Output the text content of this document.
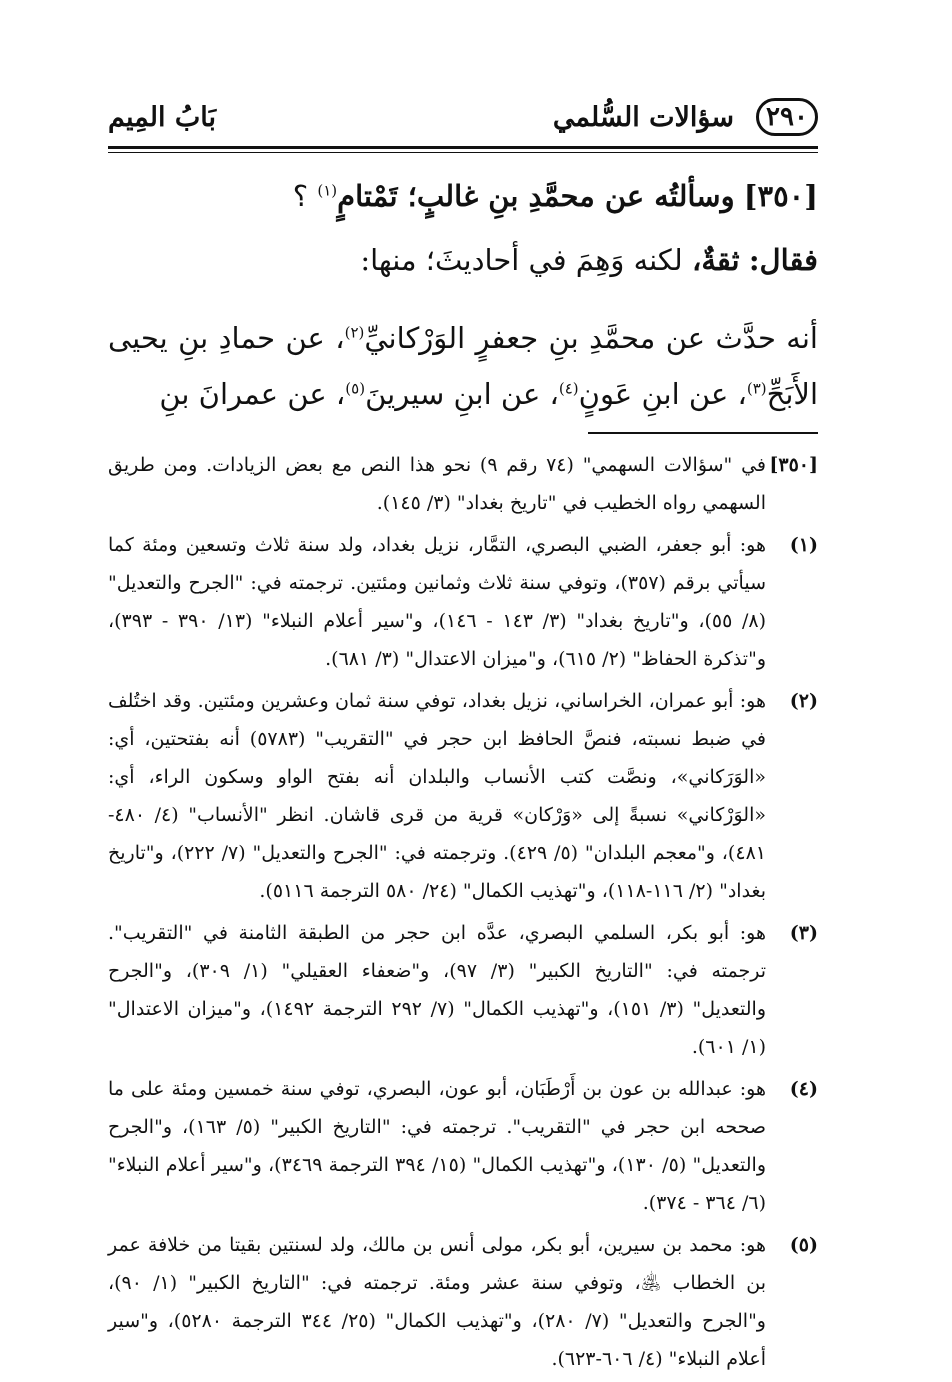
٢٩٠
سؤالات السُّلمي
بَابُ المِيم

[٣٥٠] وسألتُه عن محمَّدِ بنِ غالبٍ؛ تَمْتامٍ$^{(١)}$ ؟

فقال: ثقةٌ، لكنه وَهِمَ في أحاديثَ؛ منها:

أنه حدَّث عن محمَّدِ بنِ جعفرٍ الوَرْكانيِّ$^{(٢)}$، عن حمادِ بنِ يحيى الأَبَحِّ$^{(٣)}$، عن ابنِ عَونٍ$^{(٤)}$، عن ابنِ سيرينَ$^{(٥)}$، عن عمرانَ بنِ

[٣٥٠]
في "سؤالات السهمي" (٧٤ رقم ٩) نحو هذا النص مع بعض الزيادات. ومن طريق السهمي رواه الخطيب في "تاريخ بغداد" (٣/ ١٤٥).
(١)
هو: أبو جعفر، الضبي البصري، التمَّار، نزيل بغداد، ولد سنة ثلاث وتسعين ومئة كما سيأتي برقم (٣٥٧)، وتوفي سنة ثلاث وثمانين ومئتين. ترجمته في: "الجرح والتعديل" (٨/ ٥٥)، و"تاريخ بغداد" (٣/ ١٤٣ - ١٤٦)، و"سير أعلام النبلاء" (١٣/ ٣٩٠ - ٣٩٣)، و"تذكرة الحفاظ" (٢/ ٦١٥)، و"ميزان الاعتدال" (٣/ ٦٨١).
(٢)
هو: أبو عمران، الخراساني، نزيل بغداد، توفي سنة ثمان وعشرين ومئتين. وقد اختُلف في ضبط نسبته، فنصَّ الحافظ ابن حجر في "التقريب" (٥٧٨٣) أنه بفتحتين، أي: «الوَرَكاني»، ونصَّت كتب الأنساب والبلدان أنه بفتح الواو وسكون الراء، أي: «الوَرْكاني» نسبةً إلى «وَرْكان» قرية من قرى قاشان. انظر "الأنساب" (٤/ ٤٨٠- ٤٨١)، و"معجم البلدان" (٥/ ٤٢٩). وترجمته في: "الجرح والتعديل" (٧/ ٢٢٢)، و"تاريخ بغداد" (٢/ ١١٦-١١٨)، و"تهذيب الكمال" (٢٤/ ٥٨٠ الترجمة ٥١١٦).
(٣)
هو: أبو بكر، السلمي البصري، عدَّه ابن حجر من الطبقة الثامنة في "التقريب". ترجمته في: "التاريخ الكبير" (٣/ ٩٧)، و"ضعفاء العقيلي" (١/ ٣٠٩)، و"الجرح والتعديل" (٣/ ١٥١)، و"تهذيب الكمال" (٧/ ٢٩٢ الترجمة ١٤٩٢)، و"ميزان الاعتدال" (١/ ٦٠١).
(٤)
هو: عبدالله بن عون بن أَرْطَبَان، أبو عون، البصري، توفي سنة خمسين ومئة على ما صححه ابن حجر في "التقريب". ترجمته في: "التاريخ الكبير" (٥/ ١٦٣)، و"الجرح والتعديل" (٥/ ١٣٠)، و"تهذيب الكمال" (١٥/ ٣٩٤ الترجمة ٣٤٦٩)، و"سير أعلام النبلاء" (٦/ ٣٦٤ - ٣٧٤).
(٥)
هو: محمد بن سيرين، أبو بكر، مولى أنس بن مالك، ولد لسنتين بقيتا من خلافة عمر بن الخطاب ﵁، وتوفي سنة عشر ومئة. ترجمته في: "التاريخ الكبير" (١/ ٩٠)، و"الجرح والتعديل" (٧/ ٢٨٠)، و"تهذيب الكمال" (٢٥/ ٣٤٤ الترجمة ٥٢٨٠)، و"سير أعلام النبلاء" (٤/ ٦٠٦-٦٢٣).
